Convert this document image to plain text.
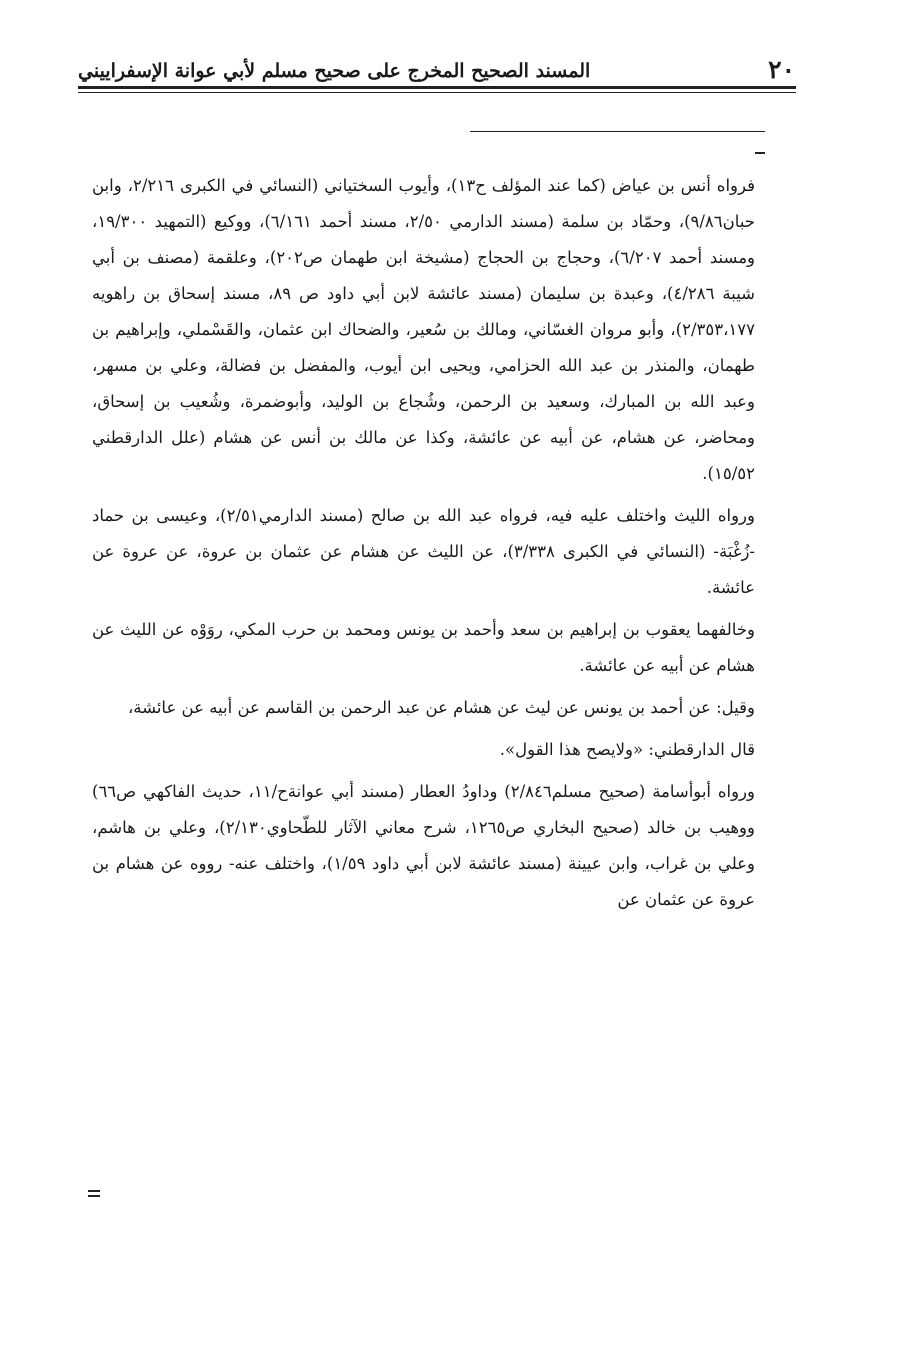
٢٠
المسند الصحيح المخرج على صحيح مسلم لأبي عوانة الإسفراييني

فرواه أنس بن عياض (كما عند المؤلف ح١٣)، وأيوب السختياني (النسائي في الكبرى ٢/٢١٦، وابن حبان٩/٨٦)، وحمّاد بن سلمة (مسند الدارمي ٢/٥٠، مسند أحمد ٦/١٦١)، ووكيع (التمهيد ١٩/٣٠٠، ومسند أحمد ٦/٢٠٧)، وحجاج بن الحجاج (مشيخة ابن طهمان ص٢٠٢)، وعلقمة (مصنف بن أبي شيبة ٤/٢٨٦)، وعبدة بن سليمان (مسند عائشة لابن أبي داود ص ٨٩، مسند إسحاق بن راهويه ٢/٣٥٣،١٧٧)، وأبو مروان الغسّاني، ومالك بن سُعير، والضحاك ابن عثمان، والقَسْملي، وإبراهيم بن طهمان، والمنذر بن عبد الله الحزامي، ويحيى ابن أيوب، والمفضل بن فضالة، وعلي بن مسهر، وعبد الله بن المبارك، وسعيد بن الرحمن، وشُجاع بن الوليد، وأبوضمرة، وشُعيب بن إسحاق، ومحاضر، عن هشام، عن أبيه عن عائشة، وكذا عن مالك بن أنس عن هشام (علل الدارقطني ١٥/٥٢).

ورواه الليث واختلف عليه فيه، فرواه عبد الله بن صالح (مسند الدارمي٢/٥١)، وعيسى بن حماد -زُغْبَة- (النسائي في الكبرى ٣/٣٣٨)، عن الليث عن هشام عن عثمان بن عروة، عن عروة عن عائشة.

وخالفهما يعقوب بن إبراهيم بن سعد وأحمد بن يونس ومحمد بن حرب المكي، روَوْه عن الليث عن هشام عن أبيه عن عائشة.

وقيل: عن أحمد بن يونس عن ليث عن هشام عن عبد الرحمن بن القاسم عن أبيه عن عائشة،

قال الدارقطني: «ولايصح هذا القول».

ورواه أبوأسامة (صحيح مسلم٢/٨٤٦) وداودُ العطار (مسند أبي عوانةح/١١، حديث الفاكهي ص٦٦) ووهيب بن خالد (صحيح البخاري ص١٢٦٥، شرح معاني الآثار للطّحاوي٢/١٣٠)، وعلي بن هاشم، وعلي بن غراب، وابن عيينة (مسند عائشة لابن أبي داود ١/٥٩)، واختلف عنه- رووه عن هشام بن عروة عن عثمان عن
